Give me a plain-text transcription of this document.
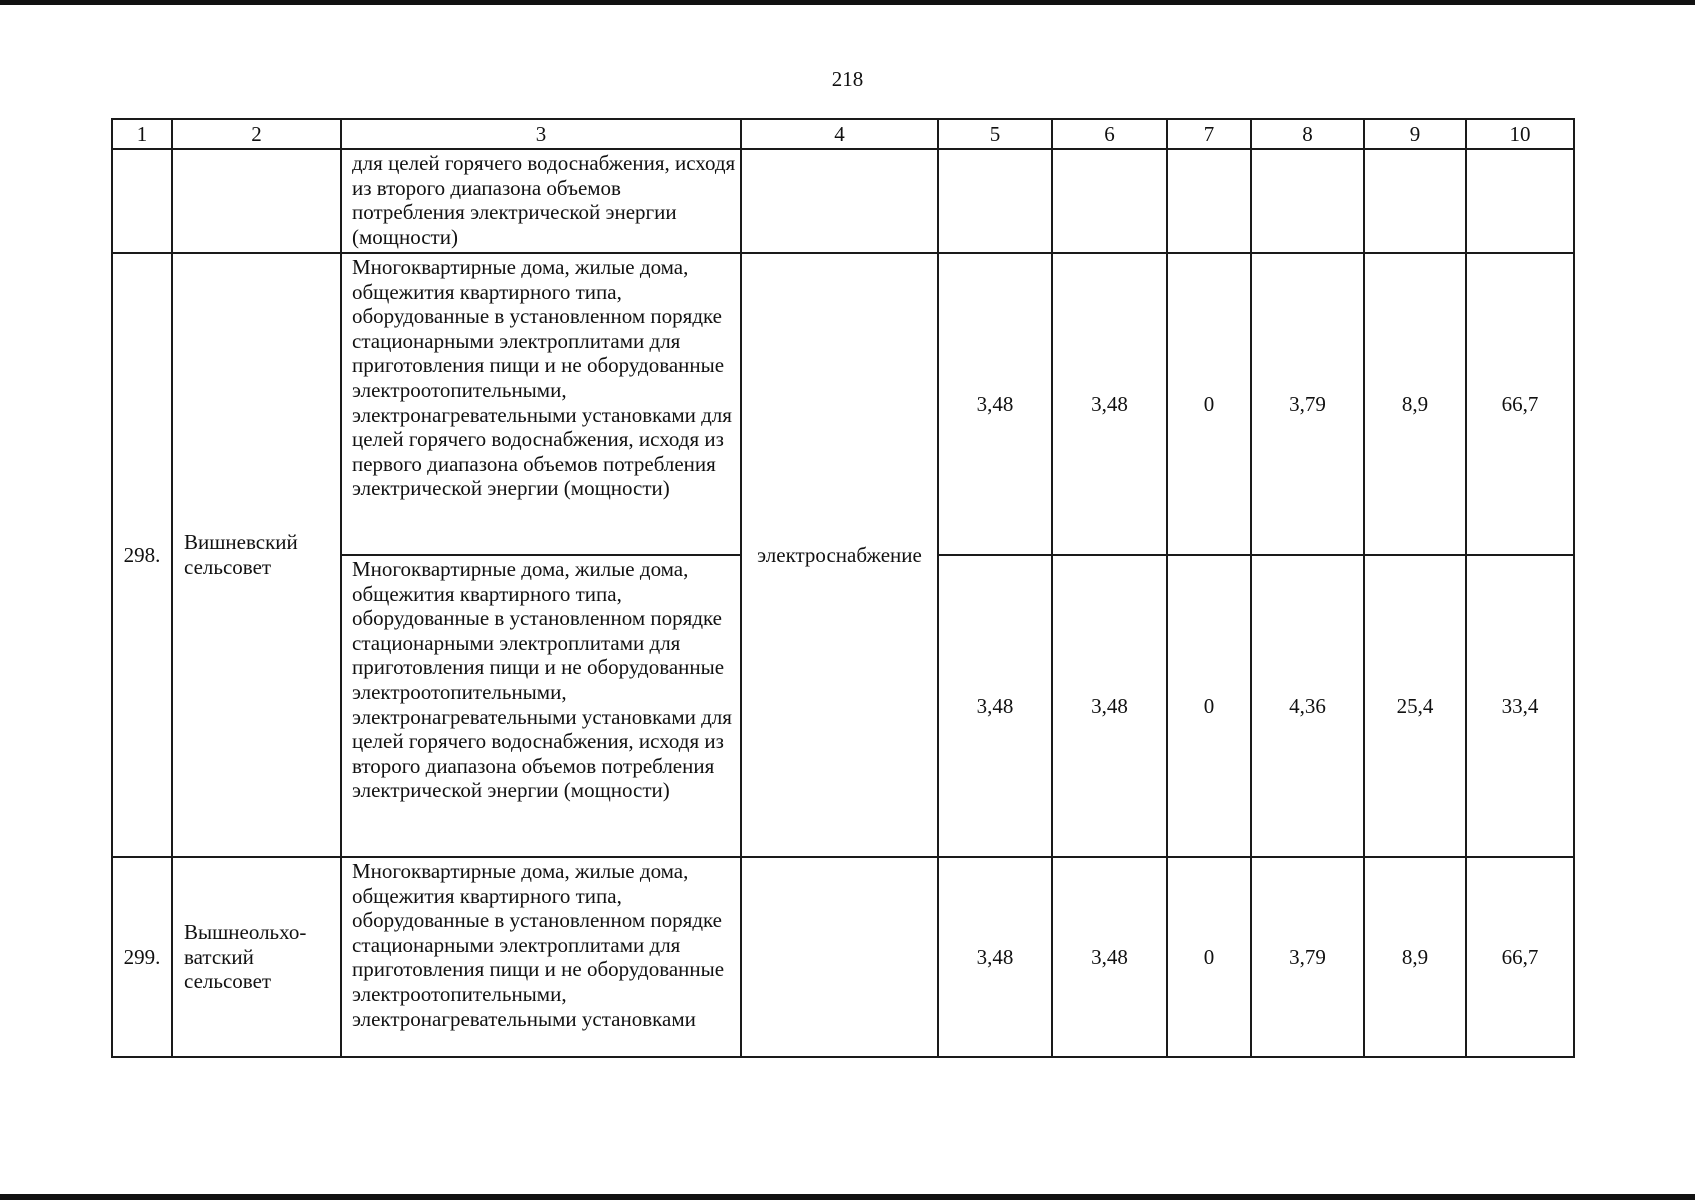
218
1	2	3	4	5	6	7	8	9	10
		для целей горячего водоснабжения, исходя из второго диапазона объемов потребления электрической энергии (мощности)							
298.	Вишневский сельсовет	Многоквартирные дома, жилые дома, общежития квартирного типа, оборудованные в установленном порядке стационарными электроплитами для приготовления пищи и не оборудованные электроотопительными, электронагревательными установками для целей горячего водоснабжения, исходя из первого диапазона объемов потребления электрической энергии (мощности)	электроснабжение	3,48	3,48	0	3,79	8,9	66,7
		Многоквартирные дома, жилые дома, общежития квартирного типа, оборудованные в установленном порядке стационарными электроплитами для приготовления пищи и не оборудованные электроотопительными, электронагревательными установками для целей горячего водоснабжения, исходя из второго диапазона объемов потребления электрической энергии (мощности)		3,48	3,48	0	4,36	25,4	33,4
299.	Вышнеольхо-ватский сельсовет	Многоквартирные дома, жилые дома, общежития квартирного типа, оборудованные в установленном порядке стационарными электроплитами для приготовления пищи и не оборудованные электроотопительными, электронагревательными установками		3,48	3,48	0	3,79	8,9	66,7
